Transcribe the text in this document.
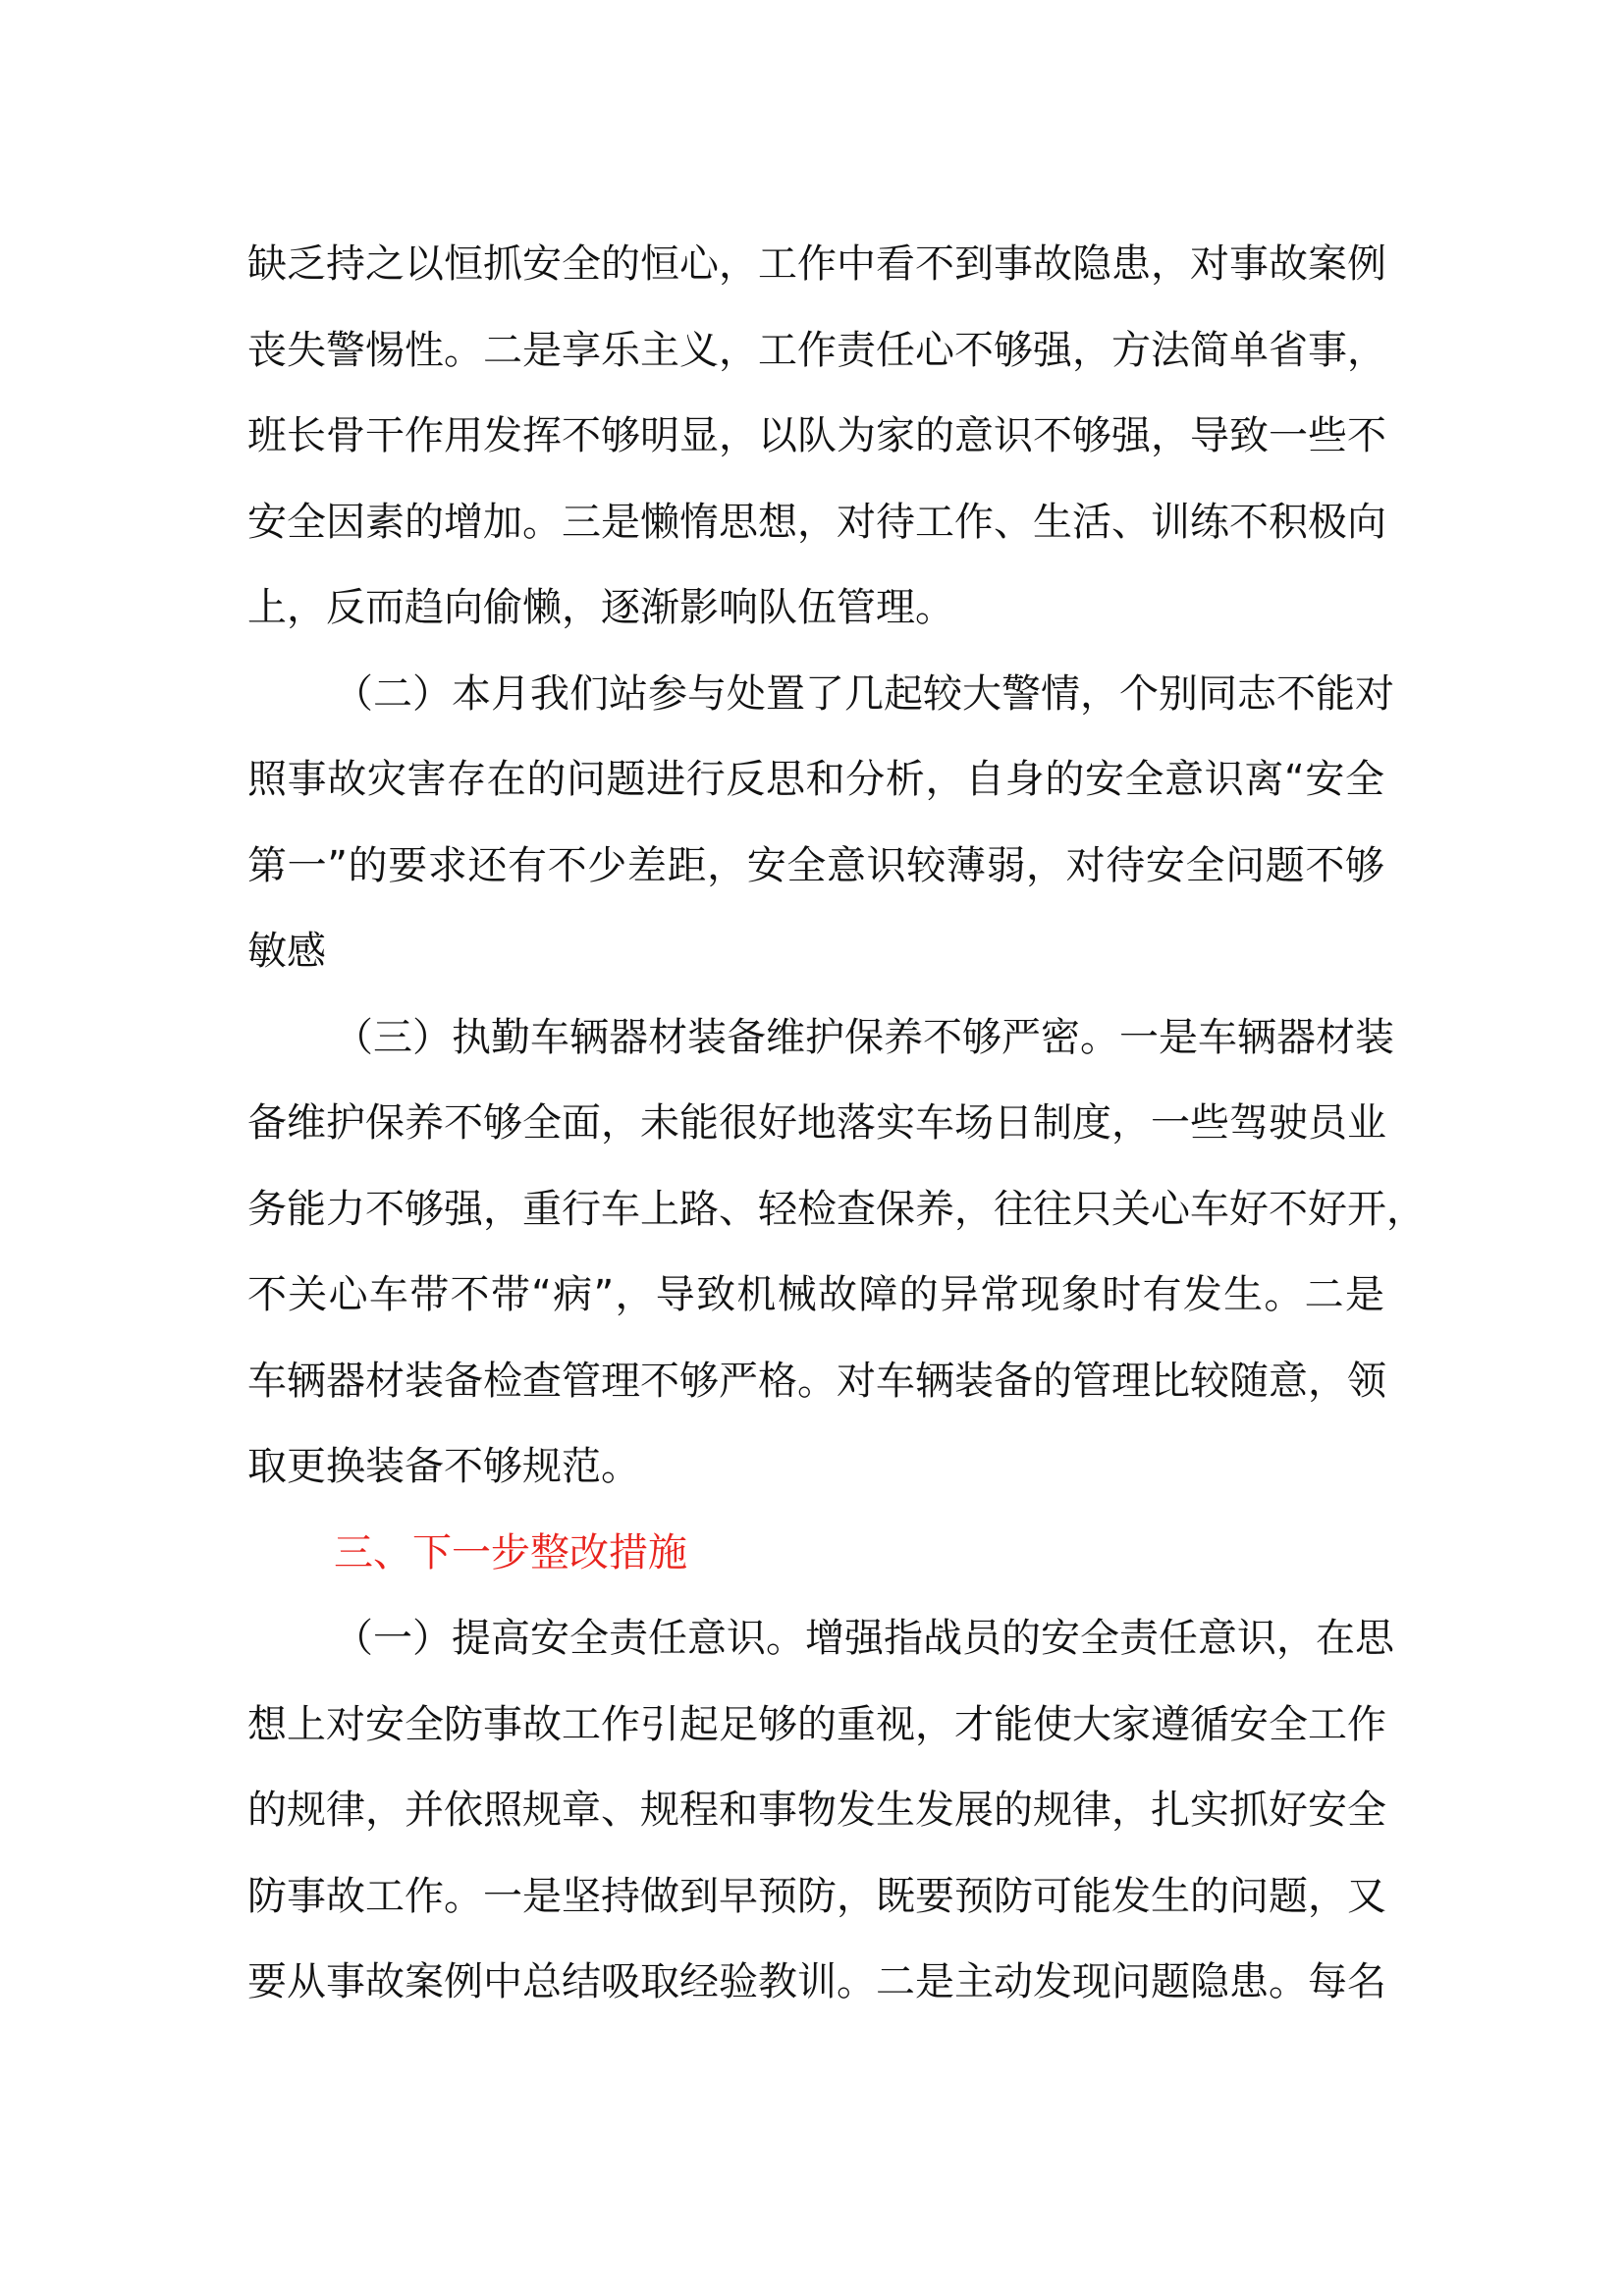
缺乏持之以恒抓安全的恒心，工作中看不到事故隐患，对事故案例
丧失警惕性。二是享乐主义，工作责任心不够强，方法简单省事，
班长骨干作用发挥不够明显，以队为家的意识不够强，导致一些不
安全因素的增加。三是懒惰思想，对待工作、生活、训练不积极向
上，反而趋向偷懒，逐渐影响队伍管理。
（二）本月我们站参与处置了几起较大警情，个别同志不能对
照事故灾害存在的问题进行反思和分析，自身的安全意识离“安全
第一”的要求还有不少差距，安全意识较薄弱，对待安全问题不够
敏感
（三）执勤车辆器材装备维护保养不够严密。一是车辆器材装
备维护保养不够全面，未能很好地落实车场日制度，一些驾驶员业
务能力不够强，重行车上路、轻检查保养，往往只关心车好不好开，
不关心车带不带“病”，导致机械故障的异常现象时有发生。二是
车辆器材装备检查管理不够严格。对车辆装备的管理比较随意，领
取更换装备不够规范。
三、下一步整改措施
（一）提高安全责任意识。增强指战员的安全责任意识，在思
想上对安全防事故工作引起足够的重视，才能使大家遵循安全工作
的规律，并依照规章、规程和事物发生发展的规律，扎实抓好安全
防事故工作。一是坚持做到早预防，既要预防可能发生的问题，又
要从事故案例中总结吸取经验教训。二是主动发现问题隐患。每名
